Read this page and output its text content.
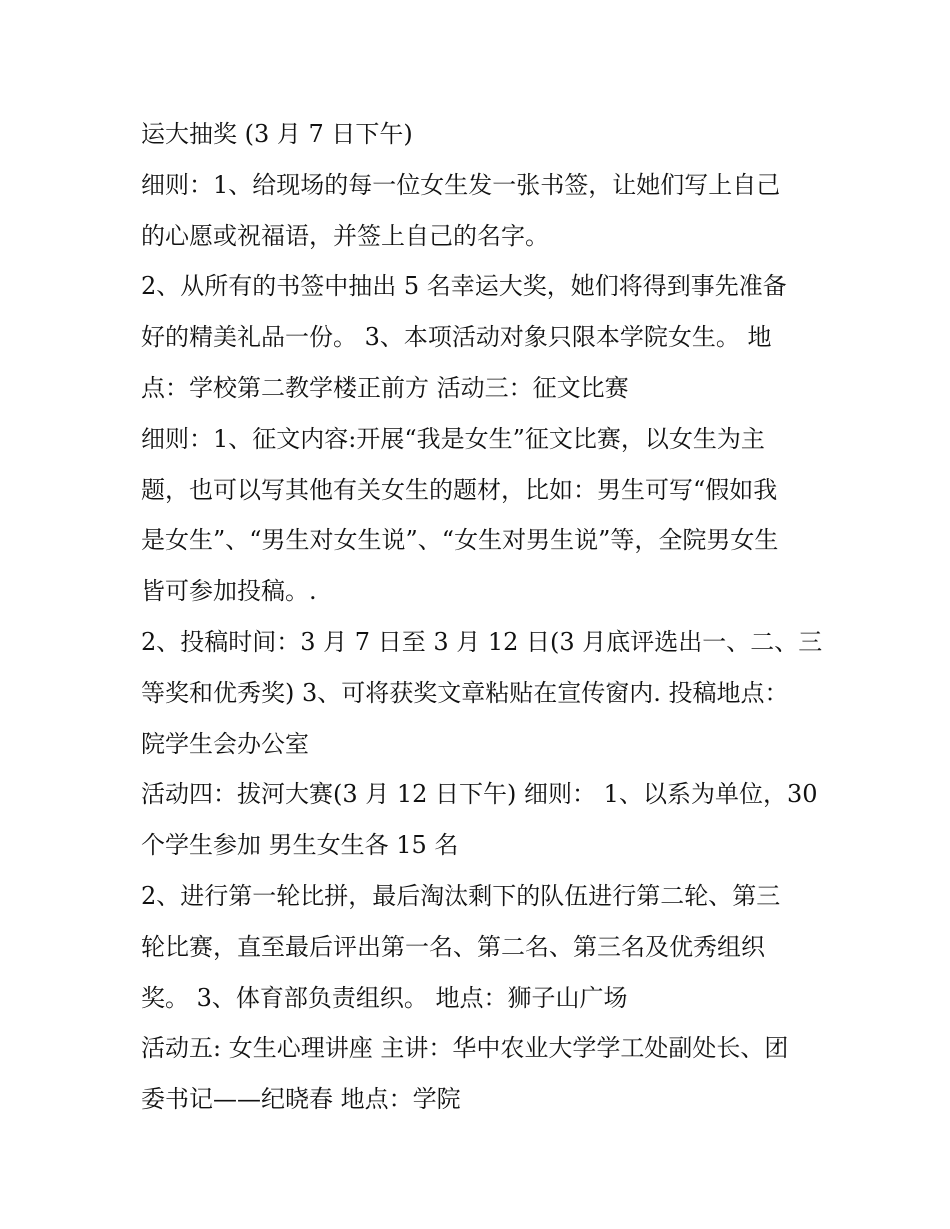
运大抽奖 (3 月 7 日下午)
细则：1、给现场的每一位女生发一张书签，让她们写上自己
的心愿或祝福语，并签上自己的名字。
2、从所有的书签中抽出 5 名幸运大奖，她们将得到事先准备
好的精美礼品一份。 3、本项活动对象只限本学院女生。 地
点：学校第二教学楼正前方 活动三：征文比赛
细则：1、征文内容:开展“我是女生”征文比赛，以女生为主
题，也可以写其他有关女生的题材，比如：男生可写“假如我
是女生”、“男生对女生说”、“女生对男生说”等，全院男女生
皆可参加投稿。.
2、投稿时间：3 月 7 日至 3 月 12 日(3 月底评选出一、二、三
等奖和优秀奖) 3、可将获奖文章粘贴在宣传窗内. 投稿地点：
院学生会办公室
活动四：拔河大赛(3 月 12 日下午) 细则： 1、以系为单位，30
个学生参加 男生女生各 15 名
2、进行第一轮比拼，最后淘汰剩下的队伍进行第二轮、第三
轮比赛，直至最后评出第一名、第二名、第三名及优秀组织
奖。 3、体育部负责组织。 地点：狮子山广场
活动五: 女生心理讲座 主讲：华中农业大学学工处副处长、团
委书记——纪晓春 地点：学院
